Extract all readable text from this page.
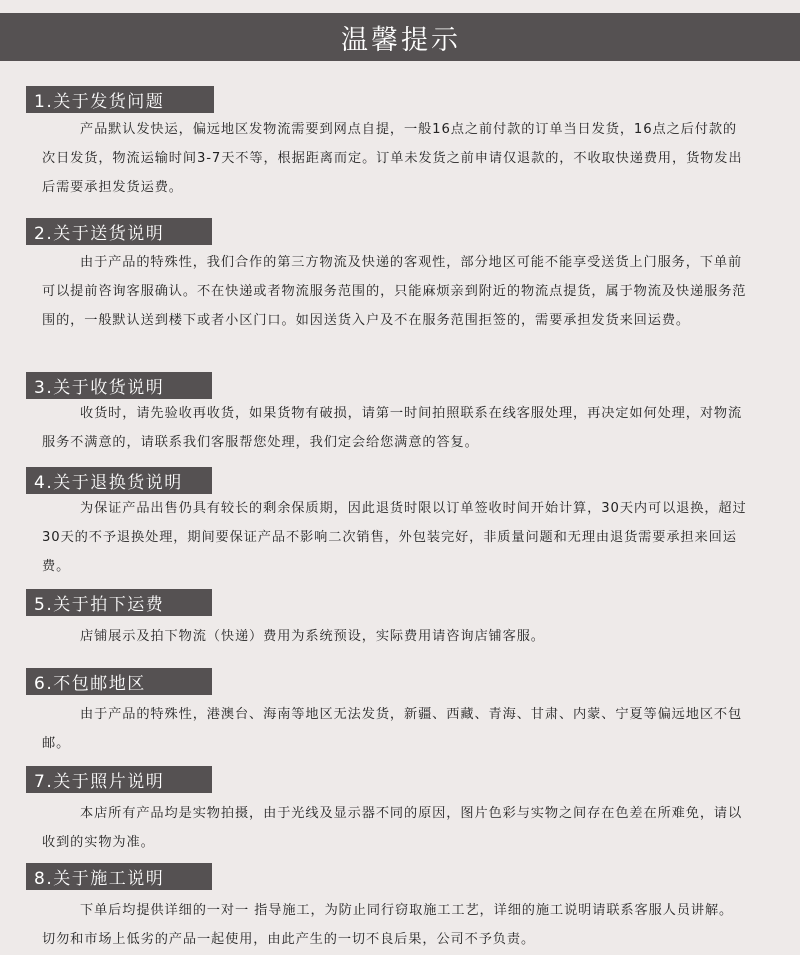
温馨提示
1.关于发货问题

产品默认发快运，偏远地区发物流需要到网点自提，一般16点之前付款的订单当日发货，16点之后付款的次日发货，物流运输时间3-7天不等，根据距离而定。订单未发货之前申请仅退款的，不收取快递费用，货物发出后需要承担发货运费。

2.关于送货说明

由于产品的特殊性，我们合作的第三方物流及快递的客观性，部分地区可能不能享受送货上门服务，下单前可以提前咨询客服确认。不在快递或者物流服务范围的，只能麻烦亲到附近的物流点提货，属于物流及快递服务范围的，一般默认送到楼下或者小区门口。如因送货入户及不在服务范围拒签的，需要承担发货来回运费。

3.关于收货说明

收货时，请先验收再收货，如果货物有破损，请第一时间拍照联系在线客服处理，再决定如何处理，对物流服务不满意的，请联系我们客服帮您处理，我们定会给您满意的答复。

4.关于退换货说明

为保证产品出售仍具有较长的剩余保质期，因此退货时限以订单签收时间开始计算，30天内可以退换，超过30天的不予退换处理，期间要保证产品不影响二次销售，外包装完好，非质量问题和无理由退货需要承担来回运费。

5.关于拍下运费

店铺展示及拍下物流（快递）费用为系统预设，实际费用请咨询店铺客服。

6.不包邮地区

由于产品的特殊性，港澳台、海南等地区无法发货，新疆、西藏、青海、甘肃、内蒙、宁夏等偏远地区不包邮。

7.关于照片说明

本店所有产品均是实物拍摄，由于光线及显示器不同的原因，图片色彩与实物之间存在色差在所难免，请以收到的实物为准。

8.关于施工说明

下单后均提供详细的一对一 指导施工，为防止同行窃取施工工艺，详细的施工说明请联系客服人员讲解。切勿和市场上低劣的产品一起使用，由此产生的一切不良后果，公司不予负责。
